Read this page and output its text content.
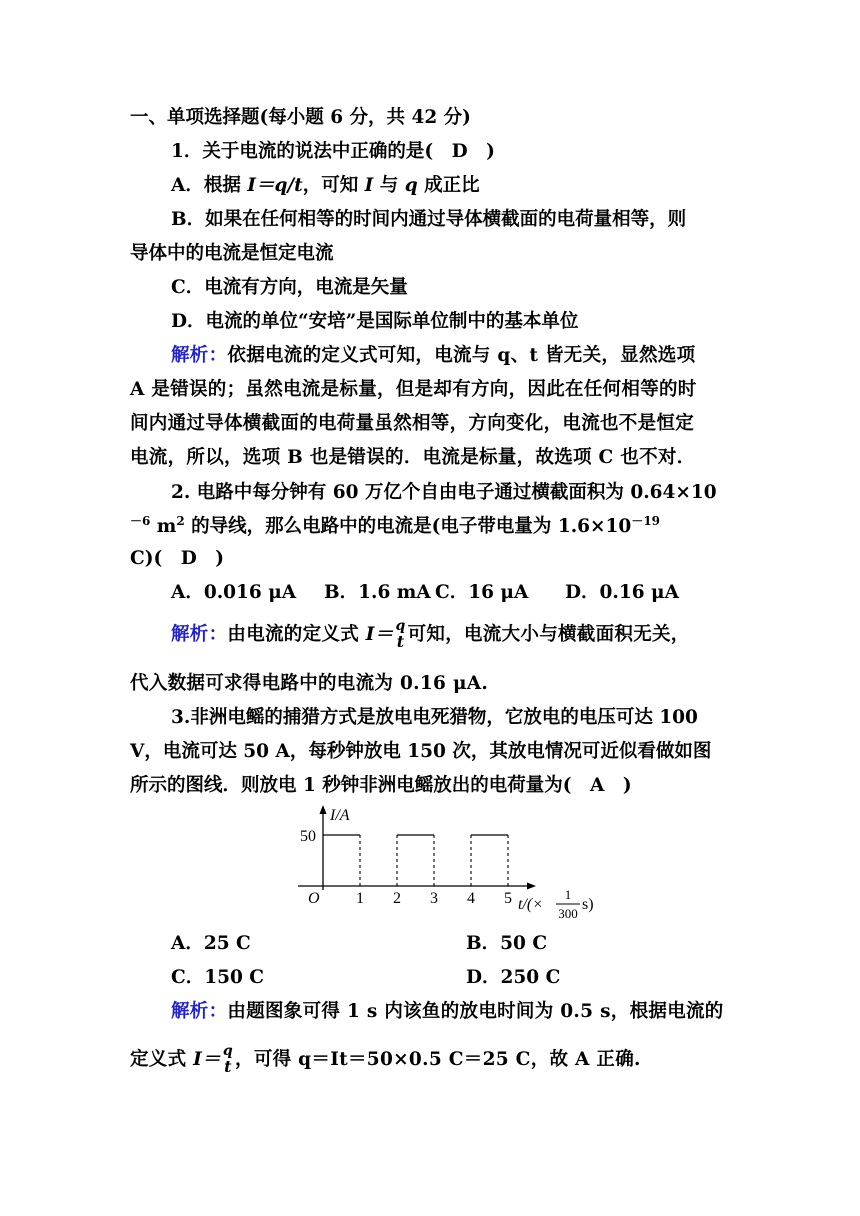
一、单项选择题(每小题 6 分，共 42 分)
1．关于电流的说法中正确的是(　D　)
A．根据 I＝q/t，可知 I 与 q 成正比
B．如果在任何相等的时间内通过导体横截面的电荷量相等，则
导体中的电流是恒定电流
C．电流有方向，电流是矢量
D．电流的单位“安培”是国际单位制中的基本单位
解析：依据电流的定义式可知，电流与 q、t 皆无关，显然选项
A 是错误的；虽然电流是标量，但是却有方向，因此在任何相等的时
间内通过导体横截面的电荷量虽然相等，方向变化，电流也不是恒定
电流，所以，选项 B 也是错误的．电流是标量，故选项 C 也不对．
2. 电路中每分钟有 60 万亿个自由电子通过横截面积为 0.64×10
$^{-6}$ $m^2$ 的导线，那么电路中的电流是(电子带电量为 $1.6\times 10^{-19}$
C)(　D　)
A．0.016 μA B．1.6 mA C．16 μA D．0.16 μA
解析：由电流的定义式 I＝ q
t 可知，电流大小与横截面积无关，
代入数据可求得电路中的电流为 0.16 μA.
3.非洲电鳐的捕猎方式是放电电死猎物，它放电的电压可达 100
V，电流可达 50 A，每秒钟放电 150 次，其放电情况可近似看做如图
所示的图线．则放电 1 秒钟非洲电鳐放出的电荷量为(　A　)
I/A
O
50
1 2 3 4 5 t/(×
1
300
s)
A．25 C	B．50 C
C．150 C	D．250 C
解析：由题图象可得 1 s 内该鱼的放电时间为 0.5 s，根据电流的
定义式 I＝ q
t ，可得 q＝It＝50×0.5 C＝25 C，故 A 正确.
